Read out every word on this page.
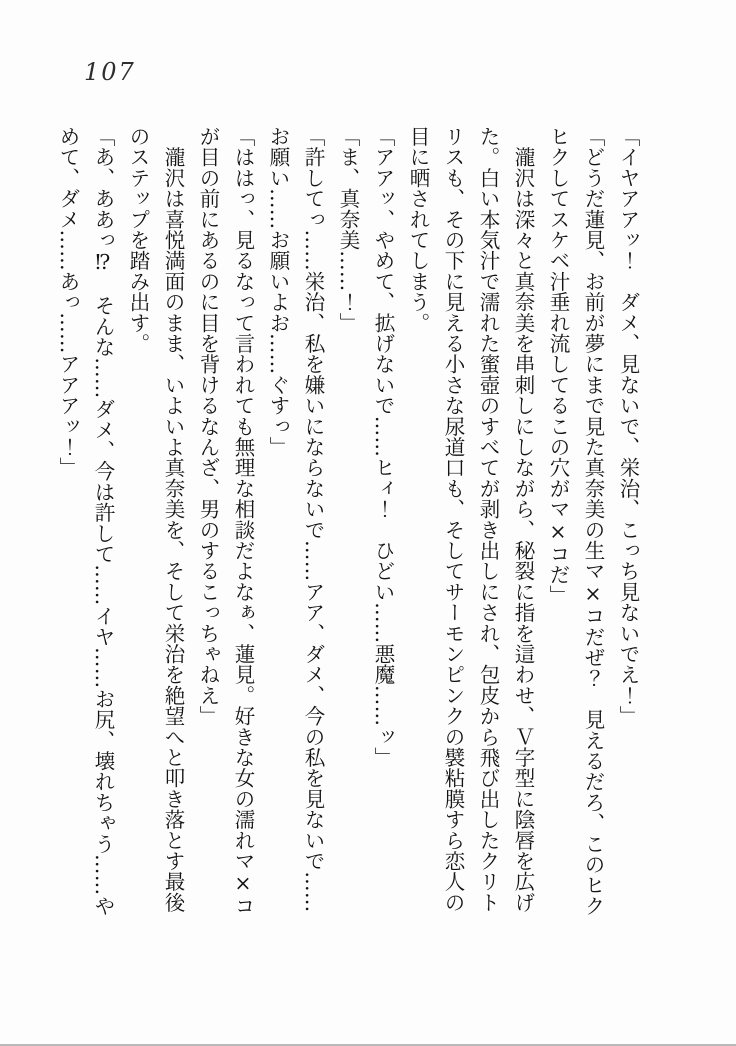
107

「イヤアアッ！　ダメ、見ないで、栄治、こっち見ないでえ！」

「どうだ蓮見、お前が夢にまで見た真奈美の生マ×コだぜ？　見えるだろ、このヒク

ヒクしてスケベ汁垂れ流してるこの穴がマ×コだ」

　瀧沢は深々と真奈美を串刺しにしながら、秘裂に指を這わせ、Ｖ字型に陰唇を広げ

た。白い本気汁で濡れた蜜壺のすべてが剥き出しにされ、包皮から飛び出したクリト

リスも、その下に見える小さな尿道口も、そしてサーモンピンクの襞粘膜すら恋人の

目に晒されてしまう。

「アアッ、やめて、拡げないで……ヒィ！　ひどい……悪魔……ッ」

「ま、真奈美……！」

「許してっ……栄治、私を嫌いにならないで……アア、ダメ、今の私を見ないで……

お願い……お願いよお……ぐすっ」

「ははっ、見るなって言われても無理な相談だよなぁ、蓮見。好きな女の濡れマ×コ

が目の前にあるのに目を背けるなんざ、男のするこっちゃねえ」

　瀧沢は喜悦満面のまま、いよいよ真奈美を、そして栄治を絶望へと叩き落とす最後

のステップを踏み出す。

「あ、ああっ⁉　そんな……ダメ、今は許して……イヤ……お尻、壊れちゃう……や

めて、ダメ……あっ……アアアッ！」
